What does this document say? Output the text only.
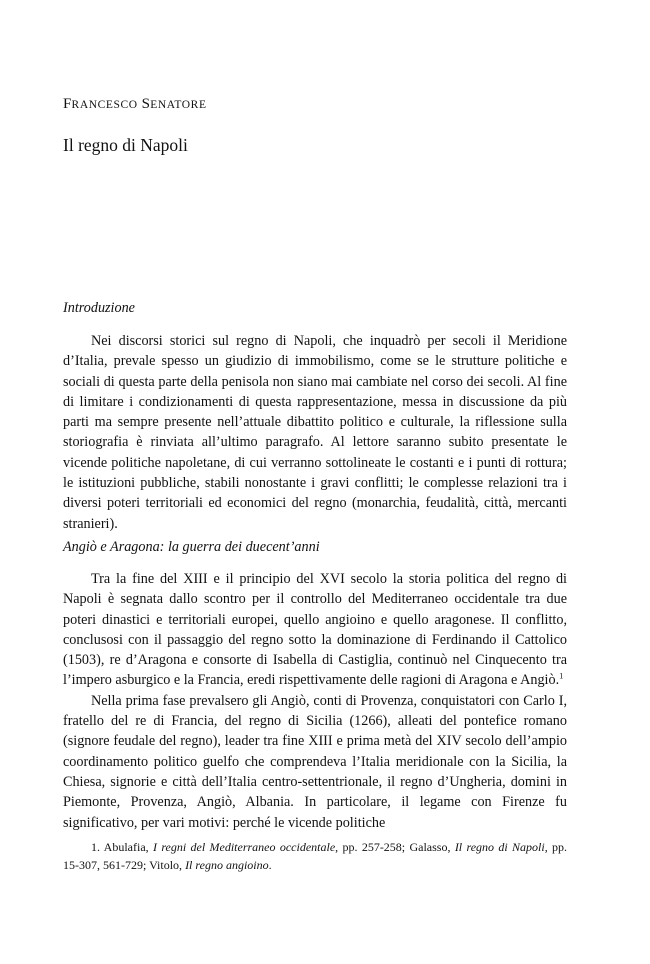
FRANCESCO SENATORE
Il regno di Napoli

Introduzione

Nei discorsi storici sul regno di Napoli, che inquadrò per secoli il Meridione d’Italia, prevale spesso un giudizio di immobilismo, come se le strutture politiche e sociali di questa parte della penisola non siano mai cambiate nel corso dei secoli. Al fine di limitare i condizionamenti di questa rappresentazione, messa in discussione da più parti ma sempre presente nell’attuale dibattito politico e culturale, la riflessione sulla storiografia è rinviata all’ultimo paragrafo. Al lettore saranno subito presentate le vicende politiche napoletane, di cui verranno sottolineate le costanti e i punti di rottura; le istituzioni pubbliche, stabili nonostante i gravi conflitti; le complesse relazioni tra i diversi poteri territoriali ed economici del regno (monarchia, feudalità, città, mercanti stranieri).

Angiò e Aragona: la guerra dei duecent’anni

Tra la fine del XIII e il principio del XVI secolo la storia politica del regno di Napoli è segnata dallo scontro per il controllo del Mediterraneo occidentale tra due poteri dinastici e territoriali europei, quello angioino e quello aragonese. Il conflitto, conclusosi con il passaggio del regno sotto la dominazione di Ferdinando il Cattolico (1503), re d’Aragona e consorte di Isabella di Castiglia, continuò nel Cinquecento tra l’impero asburgico e la Francia, eredi rispettivamente delle ragioni di Aragona e Angiò.$^1$

Nella prima fase prevalsero gli Angiò, conti di Provenza, conquistatori con Carlo I, fratello del re di Francia, del regno di Sicilia (1266), alleati del pontefice romano (signore feudale del regno), leader tra fine XIII e prima metà del XIV secolo dell’ampio coordinamento politico guelfo che comprendeva l’Italia meridionale con la Sicilia, la Chiesa, signorie e città dell’Italia centro-settentrionale, il regno d’Ungheria, domini in Piemonte, Provenza, Angiò, Albania. In particolare, il legame con Firenze fu significativo, per vari motivi: perché le vicende politiche

1. Abulafia, I regni del Mediterraneo occidentale, pp. 257-258; Galasso, Il regno di Napoli, pp. 15-307, 561-729; Vitolo, Il regno angioino.
